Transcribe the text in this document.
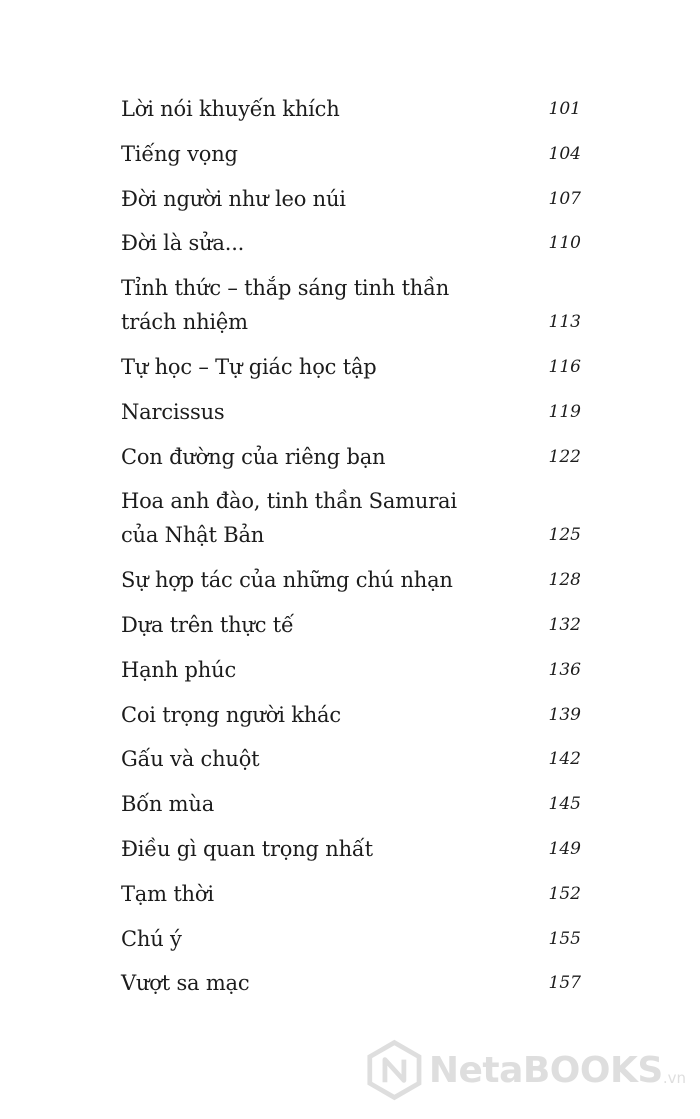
Lời nói khuyến khích	101
Tiếng vọng	104
Đời người như leo núi	107
Đời là sửa...	110
Tỉnh thức – thắp sáng tinh thần
trách nhiệm	113
Tự học – Tự giác học tập	116
Narcissus	119
Con đường của riêng bạn	122
Hoa anh đào, tinh thần Samurai
của Nhật Bản	125
Sự hợp tác của những chú nhạn	128
Dựa trên thực tế	132
Hạnh phúc	136
Coi trọng người khác	139
Gấu và chuột	142
Bốn mùa	145
Điều gì quan trọng nhất	149
Tạm thời	152
Chú ý	155
Vượt sa mạc	157
NetaBOOKS .vn
